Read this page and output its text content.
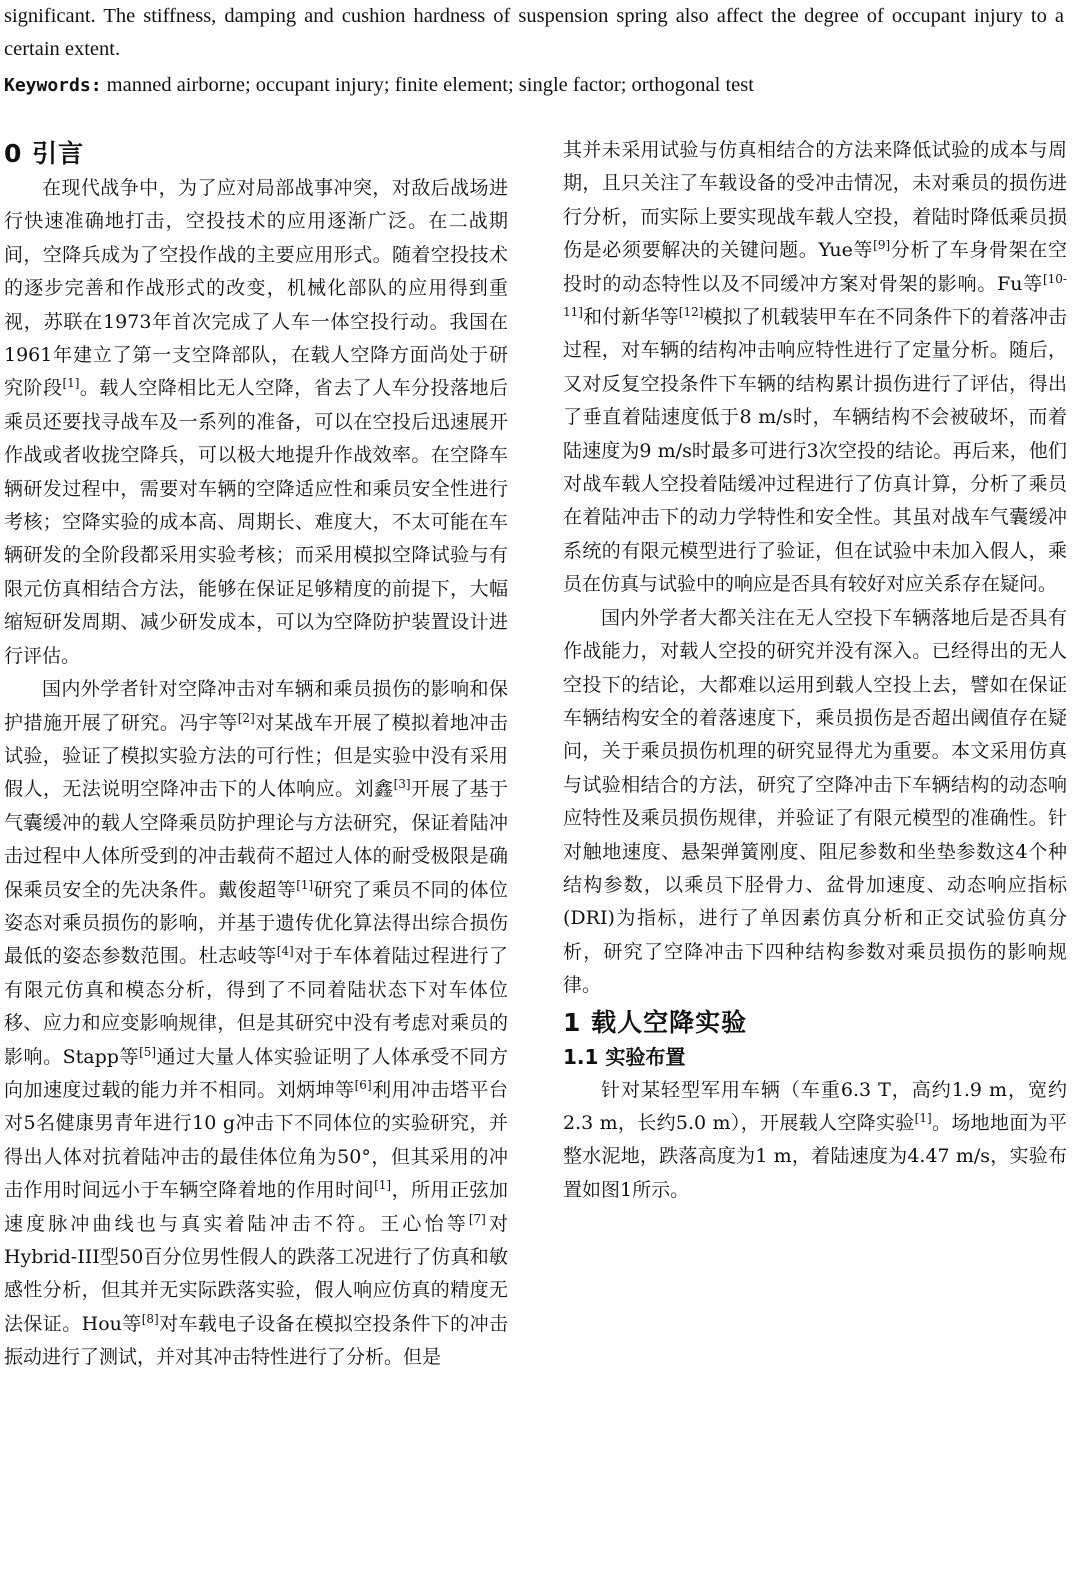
significant. The stiffness, damping and cushion hardness of suspension spring also affect the degree of occupant injury to a certain extent.

Keywords: manned airborne; occupant injury; finite element; single factor; orthogonal test

0 引言

在现代战争中，为了应对局部战事冲突，对敌后战场进行快速准确地打击，空投技术的应用逐渐广泛。在二战期间，空降兵成为了空投作战的主要应用形式。随着空投技术的逐步完善和作战形式的改变，机械化部队的应用得到重视，苏联在1973年首次完成了人车一体空投行动。我国在1961年建立了第一支空降部队，在载人空降方面尚处于研究阶段[1]。载人空降相比无人空降，省去了人车分投落地后乘员还要找寻战车及一系列的准备，可以在空投后迅速展开作战或者收拢空降兵，可以极大地提升作战效率。在空降车辆研发过程中，需要对车辆的空降适应性和乘员安全性进行考核；空降实验的成本高、周期长、难度大，不太可能在车辆研发的全阶段都采用实验考核；而采用模拟空降试验与有限元仿真相结合方法，能够在保证足够精度的前提下，大幅缩短研发周期、减少研发成本，可以为空降防护装置设计进行评估。

国内外学者针对空降冲击对车辆和乘员损伤的影响和保护措施开展了研究。冯宇等[2]对某战车开展了模拟着地冲击试验，验证了模拟实验方法的可行性；但是实验中没有采用假人，无法说明空降冲击下的人体响应。刘鑫[3]开展了基于气囊缓冲的载人空降乘员防护理论与方法研究，保证着陆冲击过程中人体所受到的冲击载荷不超过人体的耐受极限是确保乘员安全的先决条件。戴俊超等[1]研究了乘员不同的体位姿态对乘员损伤的影响，并基于遗传优化算法得出综合损伤最低的姿态参数范围。杜志岐等[4]对于车体着陆过程进行了有限元仿真和模态分析，得到了不同着陆状态下对车体位移、应力和应变影响规律，但是其研究中没有考虑对乘员的影响。Stapp等[5]通过大量人体实验证明了人体承受不同方向加速度过载的能力并不相同。刘炳坤等[6]利用冲击塔平台对5名健康男青年进行10 g冲击下不同体位的实验研究，并得出人体对抗着陆冲击的最佳体位角为50°，但其采用的冲击作用时间远小于车辆空降着地的作用时间[1]，所用正弦加速度脉冲曲线也与真实着陆冲击不符。王心怡等[7]对Hybrid-III型50百分位男性假人的跌落工况进行了仿真和敏感性分析，但其并无实际跌落实验，假人响应仿真的精度无法保证。Hou等[8]对车载电子设备在模拟空投条件下的冲击振动进行了测试，并对其冲击特性进行了分析。但是

其并未采用试验与仿真相结合的方法来降低试验的成本与周期，且只关注了车载设备的受冲击情况，未对乘员的损伤进行分析，而实际上要实现战车载人空投，着陆时降低乘员损伤是必须要解决的关键问题。Yue等[9]分析了车身骨架在空投时的动态特性以及不同缓冲方案对骨架的影响。Fu等[10-11]和付新华等[12]模拟了机载装甲车在不同条件下的着落冲击过程，对车辆的结构冲击响应特性进行了定量分析。随后，又对反复空投条件下车辆的结构累计损伤进行了评估，得出了垂直着陆速度低于8 m/s时，车辆结构不会被破坏，而着陆速度为9 m/s时最多可进行3次空投的结论。再后来，他们对战车载人空投着陆缓冲过程进行了仿真计算，分析了乘员在着陆冲击下的动力学特性和安全性。其虽对战车气囊缓冲系统的有限元模型进行了验证，但在试验中未加入假人，乘员在仿真与试验中的响应是否具有较好对应关系存在疑问。

国内外学者大都关注在无人空投下车辆落地后是否具有作战能力，对载人空投的研究并没有深入。已经得出的无人空投下的结论，大都难以运用到载人空投上去，譬如在保证车辆结构安全的着落速度下，乘员损伤是否超出阈值存在疑问，关于乘员损伤机理的研究显得尤为重要。本文采用仿真与试验相结合的方法，研究了空降冲击下车辆结构的动态响应特性及乘员损伤规律，并验证了有限元模型的准确性。针对触地速度、悬架弹簧刚度、阻尼参数和坐垫参数这4个种结构参数，以乘员下胫骨力、盆骨加速度、动态响应指标(DRI)为指标，进行了单因素仿真分析和正交试验仿真分析，研究了空降冲击下四种结构参数对乘员损伤的影响规律。

1 载人空降实验
1.1 实验布置

针对某轻型军用车辆（车重6.3 T，高约1.9 m，宽约2.3 m，长约5.0 m），开展载人空降实验[1]。场地地面为平整水泥地，跌落高度为1 m，着陆速度为4.47 m/s，实验布置如图1所示。
